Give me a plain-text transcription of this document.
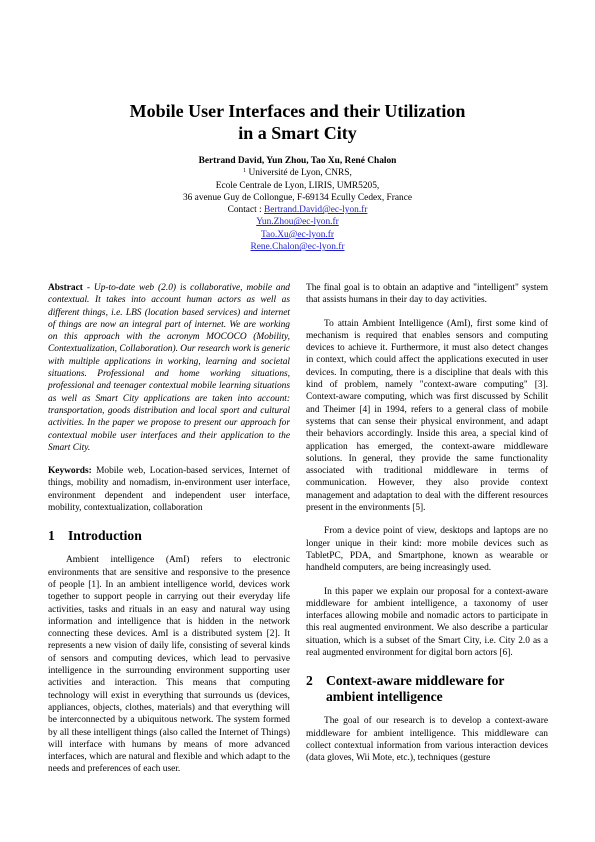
Mobile User Interfaces and their Utilization
in a Smart City
Bertrand David, Yun Zhou, Tao Xu, René Chalon
$^1$ Université de Lyon, CNRS,
Ecole Centrale de Lyon, LIRIS, UMR5205,
36 avenue Guy de Collongue, F-69134 Ecully Cedex, France
Contact : Bertrand.David@ec-lyon.fr
Yun.Zhou@ec-lyon.fr
Tao.Xu@ec-lyon.fr
Rene.Chalon@ec-lyon.fr

Abstract - Up-to-date web (2.0) is collaborative, mobile and contextual. It takes into account human actors as well as different things, i.e. LBS (location based services) and internet of things are now an integral part of internet. We are working on this approach with the acronym MOCOCO (Mobility, Contextualization, Collaboration). Our research work is generic with multiple applications in working, learning and societal situations. Professional and home working situations, professional and teenager contextual mobile learning situations as well as Smart City applications are taken into account: transportation, goods distribution and local sport and cultural activities. In the paper we propose to present our approach for contextual mobile user interfaces and their application to the Smart City.

Keywords: Mobile web, Location-based services, Internet of things, mobility and nomadism, in-environment user interface, environment dependent and independent user interface, mobility, contextualization, collaboration

1 Introduction

Ambient intelligence (AmI) refers to electronic environments that are sensitive and responsive to the presence of people [1]. In an ambient intelligence world, devices work together to support people in carrying out their everyday life activities, tasks and rituals in an easy and natural way using information and intelligence that is hidden in the network connecting these devices. AmI is a distributed system [2]. It represents a new vision of daily life, consisting of several kinds of sensors and computing devices, which lead to pervasive intelligence in the surrounding environment supporting user activities and interaction. This means that computing technology will exist in everything that surrounds us (devices, appliances, objects, clothes, materials) and that everything will be interconnected by a ubiquitous network. The system formed by all these intelligent things (also called the Internet of Things) will interface with humans by means of more advanced interfaces, which are natural and flexible and which adapt to the needs and preferences of each user.

The final goal is to obtain an adaptive and "intelligent" system that assists humans in their day to day activities.

To attain Ambient Intelligence (AmI), first some kind of mechanism is required that enables sensors and computing devices to achieve it. Furthermore, it must also detect changes in context, which could affect the applications executed in user devices. In computing, there is a discipline that deals with this kind of problem, namely "context-aware computing" [3]. Context-aware computing, which was first discussed by Schilit and Theimer [4] in 1994, refers to a general class of mobile systems that can sense their physical environment, and adapt their behaviors accordingly. Inside this area, a special kind of application has emerged, the context-aware middleware solutions. In general, they provide the same functionality associated with traditional middleware in terms of communication. However, they also provide context management and adaptation to deal with the different resources present in the environments [5].

From a device point of view, desktops and laptops are no longer unique in their kind: more mobile devices such as TabletPC, PDA, and Smartphone, known as wearable or handheld computers, are being increasingly used.

In this paper we explain our proposal for a context-aware middleware for ambient intelligence, a taxonomy of user interfaces allowing mobile and nomadic actors to participate in this real augmented environment. We also describe a particular situation, which is a subset of the Smart City, i.e. City 2.0 as a real augmented environment for digital born actors [6].

2 Context-aware middleware for ambient intelligence

The goal of our research is to develop a context-aware middleware for ambient intelligence. This middleware can collect contextual information from various interaction devices (data gloves, Wii Mote, etc.), techniques (gesture
